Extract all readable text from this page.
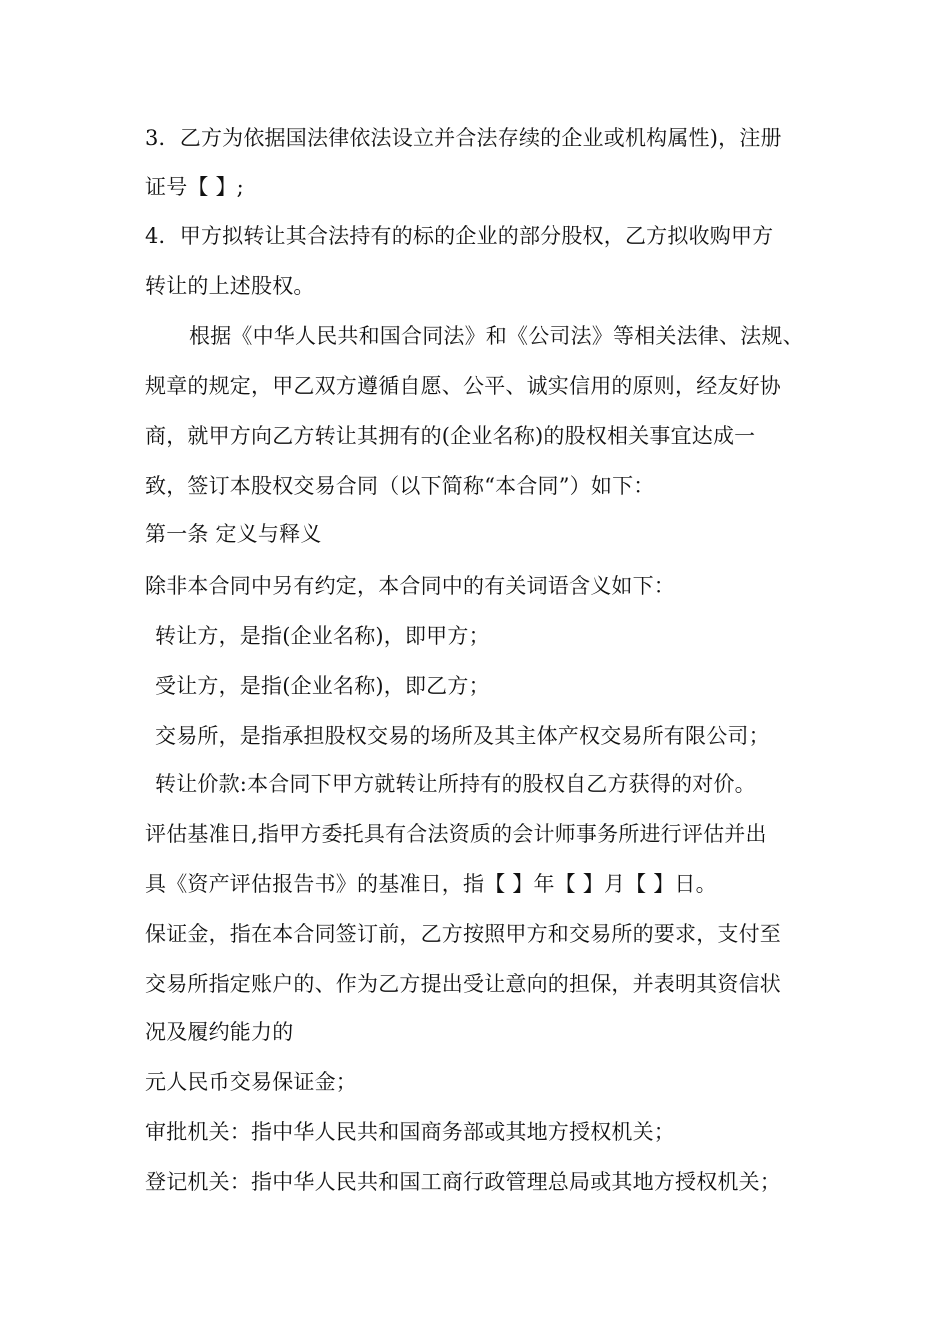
3．乙方为依据国法律依法设立并合法存续的企业或机构属性)，注册
证号【 】;
4．甲方拟转让其合法持有的标的企业的部分股权，乙方拟收购甲方
转让的上述股权。
根据《中华人民共和国合同法》和《公司法》等相关法律、法规、
规章的规定，甲乙双方遵循自愿、公平、诚实信用的原则，经友好协
商，就甲方向乙方转让其拥有的(企业名称)的股权相关事宜达成一
致，签订本股权交易合同（以下简称“本合同”）如下：
第一条 定义与释义
除非本合同中另有约定，本合同中的有关词语含义如下：
转让方，是指(企业名称)，即甲方；
受让方，是指(企业名称)，即乙方；
交易所，是指承担股权交易的场所及其主体产权交易所有限公司；
转让价款:本合同下甲方就转让所持有的股权自乙方获得的对价。
评估基准日,指甲方委托具有合法资质的会计师事务所进行评估并出
具《资产评估报告书》的基准日，指【 】年【 】月【 】日。
保证金，指在本合同签订前，乙方按照甲方和交易所的要求，支付至
交易所指定账户的、作为乙方提出受让意向的担保，并表明其资信状
况及履约能力的
元人民币交易保证金；
审批机关：指中华人民共和国商务部或其地方授权机关；
登记机关：指中华人民共和国工商行政管理总局或其地方授权机关；
